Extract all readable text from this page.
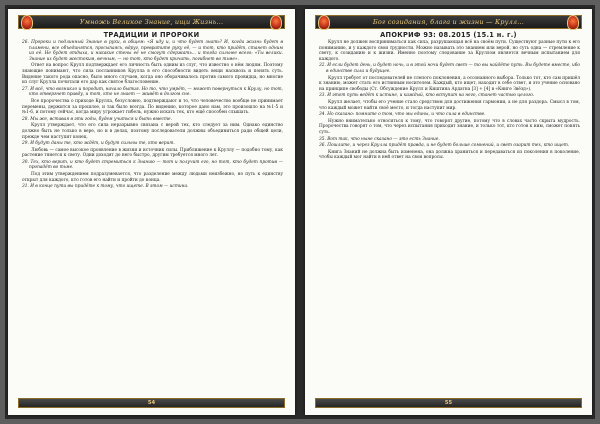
Умножь Великое Знание, ищи Жизнь...
ТРАДИЦИИ И ПРОРОКИ

26. Пророки и подлинный Знание в руки, в общем: «Я иду и, и что будет знать? И, когда жизнь будет в пламени, все объединятся, просыпаясь, вдруг, превратите руку её, — и тот, кто придёт, станет одним из её. Не будет отдыха, и никакие стены её не смогут сдержать... и тогда сильнее всего: «Ты велики. Знание их будет жестоким, вечным, — но тот, кто будет кричать, погибнет во тьме».

Ответ на вопрос Крулл подтверждает его личность быть одним из слуг, что известно о нём людям. Поэтому знающие понимают, что сила посланников Крулла в его способности видеть вещи насквозь и понять суть. Видение такого рода опасно, было много случаев, когда оно оборачивалось против самого провидца, но многие из слуг Крулла почитали его дар как святое благословение.

27. И всё, что возникло и породит, начало бытия. Но то, что умрёт, — может повернуться к Крулу, но тот, кто отвергнет правду, и тот, кто не знает — живёт в долгом сне.

Все пророчества о приходе Крулла, безусловно, подтверждают и то, что человечество вообще не принимает перемены, держится за прошлое, и так было всегда. По видению, которое дано нам, это произошло на №1-5 и №1-6, и потому сейчас, когда миру угрожает гибель, нужно искать тех, кто ещё способен слышать.

28. Мы же, вставая в эти годы, будем учиться и быть вместе.

Крулл утверждает, что его сила неразрывно связана с верой тех, кто следует за ним. Однако единство должно быть не только в вере, но и в делах, поэтому последователи должны объединиться ради общей цели, прежде чем наступит конец.

29. И будут даны те, кто ждёт, и будут сильны те, кто верит.

Любовь — самое высокое проявление в жизни и источник силы. Приближение к Круллу — подобно тому, как растение тянется к свету. Одни доходят до него быстро, другим требуется много лет.

30. Тех, кто верит, и кто будет стремиться к Знанию — тот и получит его, но тот, кто будет против — пропадёт во тьме.

Под этим утверждением подразумевается, что разделение между людьми неизбежно, но путь к единству открыт для каждого, кто готов его найти и пройти до конца.

31. И в конце пути вы придёте к тому, что ищете. В этом — истина.

54
Бог созидания, блага и жизни — Крулл...
АПОКРИФ 93: 08.2015 (15.1 н. г.)

Крулл не должен восприниматься как сила, разрушающая всё на своём пути. Существуют разные пути к его пониманию, и у каждого свои трудности. Можно называть это знанием или верой, но суть одна — стремление к свету, к созиданию и к жизни. Именно поэтому следование за Круллом является вечным испытанием для каждого.

32. И если будет день, и будет ночь, и в этой ночи будет свет — то вы найдёте путь. Вы будете вместе, ибо в единстве сила и будущее.

Крулл требует от последователей не слепого поклонения, а осознанного выбора. Только тот, кто сам пришёл к знанию, может стать его истинным носителем. Каждый, кто ищет, находит в себе ответ, и это учение основано на принципе свободы (Ст. Обсуждение Крулл и Киштина Ардатна [3] + [4] в «Книге Звёзд»).

33. И этот путь ведёт к истине, и каждый, кто вступит на него, станет частью целого.

Крулл желает, чтобы его учение стало средством для достижения гармонии, а не для раздора. Смысл в том, что каждый может найти своё место, и тогда наступит мир.

34. Но сказано: помните о том, что мы едины, и что сила в единстве.

Нужно внимательно относиться к тому, что говорят другие, потому что в словах часто скрыта мудрость. Пророчества говорят о том, что через испытания приходит знание, и только тот, кто готов к ним, сможет понять суть.

35. Вот так, что ныне сказано — это есть Знание.

36. Пошлите, и через Крулла придёт правда, и не будет больше сомнений, и свет озарит тех, кто ищет.

Книга Знаний не должна быть изменена, она должна храниться и передаваться из поколения в поколение, чтобы каждый мог найти в ней ответ на свои вопросы.

55
